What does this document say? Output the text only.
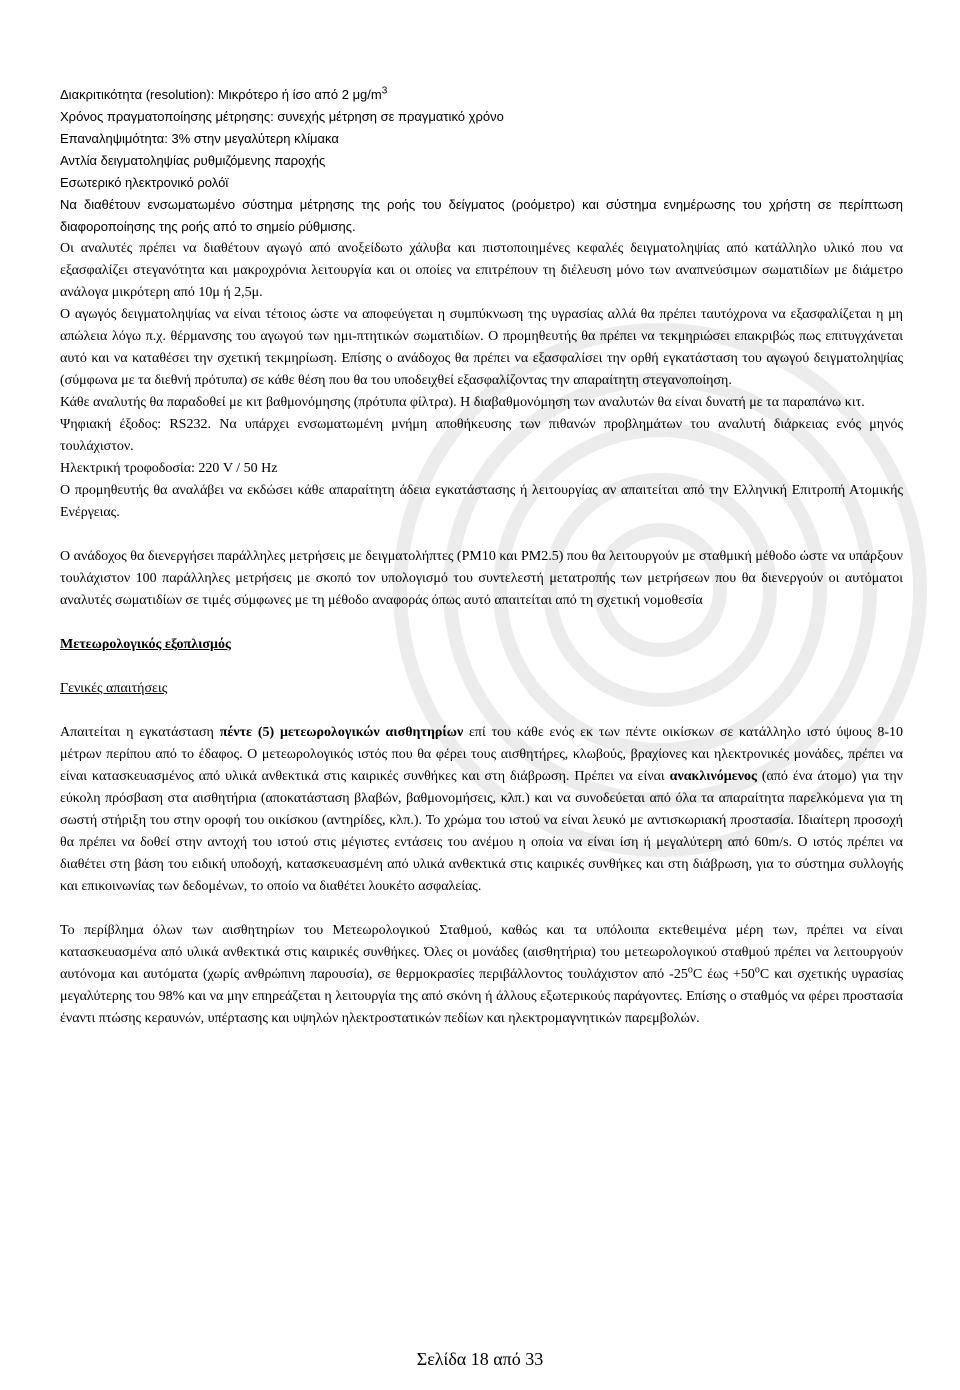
Διακριτικότητα (resolution): Μικρότερο ή ίσο από 2 $\mu g/m^3$

Χρόνος πραγματοποίησης μέτρησης: συνεχής μέτρηση σε πραγματικό χρόνο

Επαναληψιμότητα: 3% στην μεγαλύτερη κλίμακα

Αντλία δειγματοληψίας ρυθμιζόμενης παροχής

Εσωτερικό ηλεκτρονικό ρολόϊ

Να διαθέτουν ενσωματωμένο σύστημα μέτρησης της ροής του δείγματος (ροόμετρο) και σύστημα ενημέρωσης του χρήστη σε περίπτωση διαφοροποίησης της ροής από το σημείο ρύθμισης.

Οι αναλυτές πρέπει να διαθέτουν αγωγό από ανοξείδωτο χάλυβα και πιστοποιημένες κεφαλές δειγματοληψίας από κατάλληλο υλικό που να εξασφαλίζει στεγανότητα και μακροχρόνια λειτουργία και οι οποίες να επιτρέπουν τη διέλευση μόνο των αναπνεύσιμων σωματιδίων με διάμετρο ανάλογα μικρότερη από 10μ ή 2,5μ.

Ο αγωγός δειγματοληψίας να είναι τέτοιος ώστε να αποφεύγεται η συμπύκνωση της υγρασίας αλλά θα πρέπει ταυτόχρονα να εξασφαλίζεται η μη απώλεια λόγω π.χ. θέρμανσης του αγωγού των ημι-πτητικών σωματιδίων. Ο προμηθευτής θα πρέπει να τεκμηριώσει επακριβώς πως επιτυγχάνεται αυτό και να καταθέσει την σχετική τεκμηρίωση. Επίσης ο ανάδοχος θα πρέπει να εξασφαλίσει την ορθή εγκατάσταση του αγωγού δειγματοληψίας (σύμφωνα με τα διεθνή πρότυπα) σε κάθε θέση που θα του υποδειχθεί εξασφαλίζοντας την απαραίτητη στεγανοποίηση.

Κάθε αναλυτής θα παραδοθεί με κιτ βαθμονόμησης (πρότυπα φίλτρα). Η διαβαθμονόμηση των αναλυτών θα είναι δυνατή με τα παραπάνω κιτ.

Ψηφιακή έξοδος: RS232. Να υπάρχει ενσωματωμένη μνήμη αποθήκευσης των πιθανών προβλημάτων του αναλυτή διάρκειας ενός μηνός τουλάχιστον.

Ηλεκτρική τροφοδοσία: 220 V / 50 Hz

Ο προμηθευτής θα αναλάβει να εκδώσει κάθε απαραίτητη άδεια εγκατάστασης ή λειτουργίας αν απαιτείται από την Ελληνική Επιτροπή Ατομικής Ενέργειας.

Ο ανάδοχος θα διενεργήσει παράλληλες μετρήσεις με δειγματολήπτες (PM10 και PM2.5) που θα λειτουργούν με σταθμική μέθοδο ώστε να υπάρξουν τουλάχιστον 100 παράλληλες μετρήσεις με σκοπό τον υπολογισμό του συντελεστή μετατροπής των μετρήσεων που θα διενεργούν οι αυτόματοι αναλυτές σωματιδίων σε τιμές σύμφωνες με τη μέθοδο αναφοράς όπως αυτό απαιτείται από τη σχετική νομοθεσία

Μετεωρολογικός εξοπλισμός

Γενικές απαιτήσεις

Απαιτείται η εγκατάσταση πέντε (5) μετεωρολογικών αισθητηρίων επί του κάθε ενός εκ των πέντε οικίσκων σε κατάλληλο ιστό ύψους 8-10 μέτρων περίπου από το έδαφος. Ο μετεωρολογικός ιστός που θα φέρει τους αισθητήρες, κλωβούς, βραχίονες και ηλεκτρονικές μονάδες, πρέπει να είναι κατασκευασμένος από υλικά ανθεκτικά στις καιρικές συνθήκες και στη διάβρωση. Πρέπει να είναι ανακλινόμενος (από ένα άτομο) για την εύκολη πρόσβαση στα αισθητήρια (αποκατάσταση βλαβών, βαθμονομήσεις, κλπ.) και να συνοδεύεται από όλα τα απαραίτητα παρελκόμενα για τη σωστή στήριξη του στην οροφή του οικίσκου (αντηρίδες, κλπ.). Το χρώμα του ιστού να είναι λευκό με αντισκωριακή προστασία. Ιδιαίτερη προσοχή θα πρέπει να δοθεί στην αντοχή του ιστού στις μέγιστες εντάσεις του ανέμου η οποία να είναι ίση ή μεγαλύτερη από 60m/s. Ο ιστός πρέπει να διαθέτει στη βάση του ειδική υποδοχή, κατασκευασμένη από υλικά ανθεκτικά στις καιρικές συνθήκες και στη διάβρωση, για το σύστημα συλλογής και επικοινωνίας των δεδομένων, το οποίο να διαθέτει λουκέτο ασφαλείας.

Το περίβλημα όλων των αισθητηρίων του Μετεωρολογικού Σταθμού, καθώς και τα υπόλοιπα εκτεθειμένα μέρη των, πρέπει να είναι κατασκευασμένα από υλικά ανθεκτικά στις καιρικές συνθήκες. Όλες οι μονάδες (αισθητήρια) του μετεωρολογικού σταθμού πρέπει να λειτουργούν αυτόνομα και αυτόματα (χωρίς ανθρώπινη παρουσία), σε θερμοκρασίες περιβάλλοντος τουλάχιστον από -25$^o$C $έ\omega\varsigma +50^oC$ και σχετικής υγρασίας μεγαλύτερης του 98% και να μην επηρεάζεται η λειτουργία της από σκόνη ή άλλους εξωτερικούς παράγοντες. Επίσης ο σταθμός να φέρει προστασία έναντι πτώσης κεραυνών, υπέρτασης και υψηλών ηλεκτροστατικών πεδίων και ηλεκτρομαγνητικών παρεμβολών.

Σελίδα 18 από 33
